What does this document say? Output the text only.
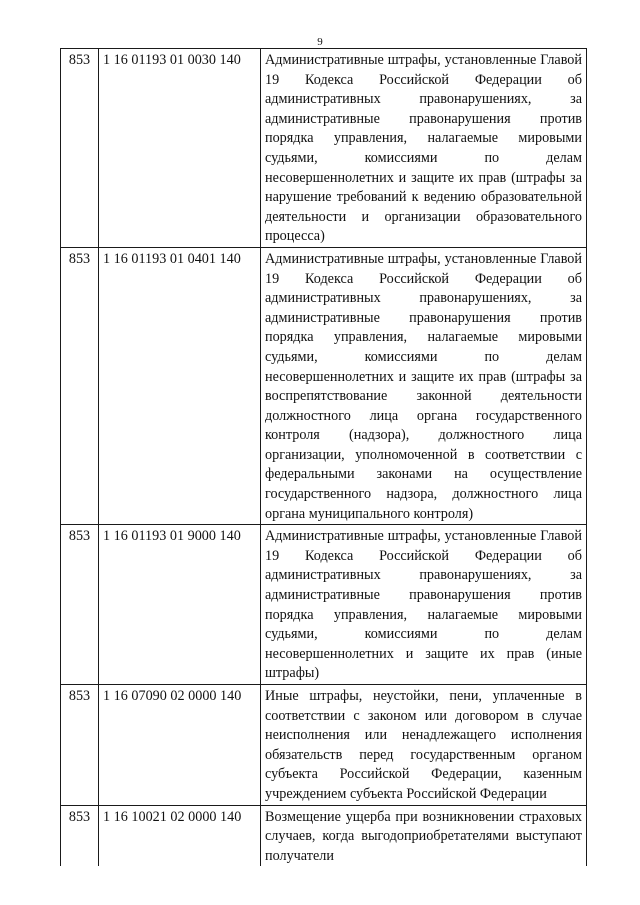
9
853	1 16 01193 01 0030 140	Административные штрафы, установленные Главой 19 Кодекса Российской Федерации об административных правонарушениях, за административные правонарушения против порядка управления, налагаемые мировыми судьями, комиссиями по делам несовершеннолетних и защите их прав (штрафы за нарушение требований к ведению образовательной деятельности и организации образовательного процесса)
853	1 16 01193 01 0401 140	Административные штрафы, установленные Главой 19 Кодекса Российской Федерации об административных правонарушениях, за административные правонарушения против порядка управления, налагаемые мировыми судьями, комиссиями по делам несовершеннолетних и защите их прав (штрафы за воспрепятствование законной деятельности должностного лица органа государственного контроля (надзора), должностного лица организации, уполномоченной в соответствии с федеральными законами на осуществление государственного надзора, должностного лица органа муниципального контроля)
853	1 16 01193 01 9000 140	Административные штрафы, установленные Главой 19 Кодекса Российской Федерации об административных правонарушениях, за административные правонарушения против порядка управления, налагаемые мировыми судьями, комиссиями по делам несовершеннолетних и защите их прав (иные штрафы)
853	1 16 07090 02 0000 140	Иные штрафы, неустойки, пени, уплаченные в соответствии с законом или договором в случае неисполнения или ненадлежащего исполнения обязательств перед государственным органом субъекта Российской Федерации, казенным учреждением субъекта Российской Федерации
853	1 16 10021 02 0000 140	Возмещение ущерба при возникновении страховых случаев, когда выгодоприобретателями выступают получатели
